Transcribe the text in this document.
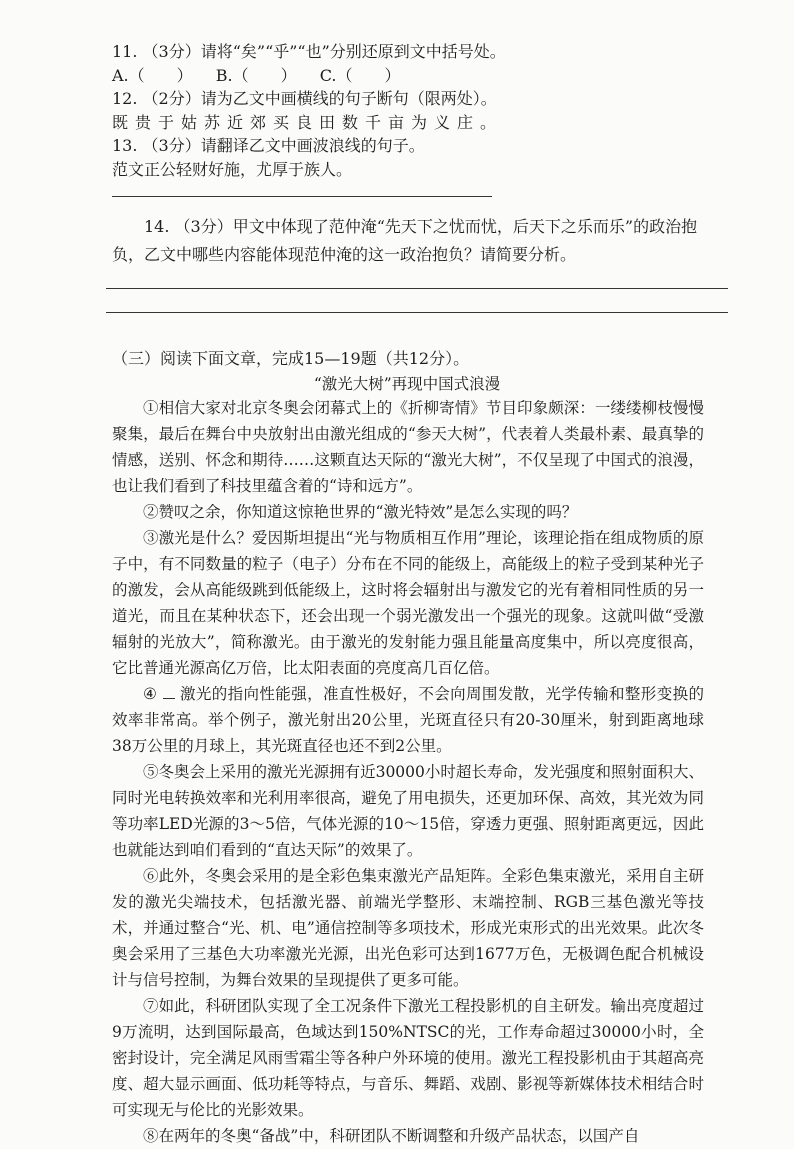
11. （3分）请将“矣”“乎”“也”分别还原到文中括号处。
A.（　　） B.（　　） C.（　　）
12. （2分）请为乙文中画横线的句子断句（限两处）。
既贵于姑苏近郊买良田数千亩为义庄。
13. （3分）请翻译乙文中画波浪线的句子。
范文正公轻财好施，尤厚于族人。
14. （3分）甲文中体现了范仲淹“先天下之忧而忧，后天下之乐而乐”的政治抱负，乙文中哪些内容能体现范仲淹的这一政治抱负？请简要分析。
（三）阅读下面文章，完成15—19题（共12分）。
“激光大树”再现中国式浪漫

①相信大家对北京冬奥会闭幕式上的《折柳寄情》节目印象颇深：一缕缕柳枝慢慢聚集，最后在舞台中央放射出由激光组成的“参天大树”，代表着人类最朴素、最真挚的情感，送别、怀念和期待……这颗直达天际的“激光大树”，不仅呈现了中国式的浪漫，也让我们看到了科技里蕴含着的“诗和远方”。

②赞叹之余，你知道这惊艳世界的“激光特效”是怎么实现的吗？

③激光是什么？爱因斯坦提出“光与物质相互作用”理论，该理论指在组成物质的原子中，有不同数量的粒子（电子）分布在不同的能级上，高能级上的粒子受到某种光子的激发，会从高能级跳到低能级上，这时将会辐射出与激发它的光有着相同性质的另一道光，而且在某种状态下，还会出现一个弱光激发出一个强光的现象。这就叫做“受激辐射的光放大”，简称激光。由于激光的发射能力强且能量高度集中，所以亮度很高，它比普通光源高亿万倍，比太阳表面的亮度高几百亿倍。

④ 激光的指向性能强，准直性极好，不会向周围发散，光学传输和整形变换的效率非常高。举个例子，激光射出20公里，光斑直径只有20-30厘米，射到距离地球38万公里的月球上，其光斑直径也还不到2公里。

⑤冬奥会上采用的激光光源拥有近30000小时超长寿命，发光强度和照射面积大、同时光电转换效率和光利用率很高，避免了用电损失，还更加环保、高效，其光效为同等功率LED光源的3～5倍，气体光源的10～15倍，穿透力更强、照射距离更远，因此也就能达到咱们看到的“直达天际”的效果了。

⑥此外，冬奥会采用的是全彩色集束激光产品矩阵。全彩色集束激光，采用自主研发的激光尖端技术，包括激光器、前端光学整形、末端控制、RGB三基色激光等技术，并通过整合“光、机、电”通信控制等多项技术，形成光束形式的出光效果。此次冬奥会采用了三基色大功率激光光源，出光色彩可达到1677万色，无极调色配合机械设计与信号控制，为舞台效果的呈现提供了更多可能。

⑦如此，科研团队实现了全工况条件下激光工程投影机的自主研发。输出亮度超过9万流明，达到国际最高，色域达到150%NTSC的光，工作寿命超过30000小时，全密封设计，完全满足风雨雪霜尘等各种户外环境的使用。激光工程投影机由于其超高亮度、超大显示画面、低功耗等特点，与音乐、舞蹈、戏剧、影视等新媒体技术相结合时可实现无与伦比的光影效果。

⑧在两年的冬奥“备战”中，科研团队不断调整和升级产品状态，以国产自
